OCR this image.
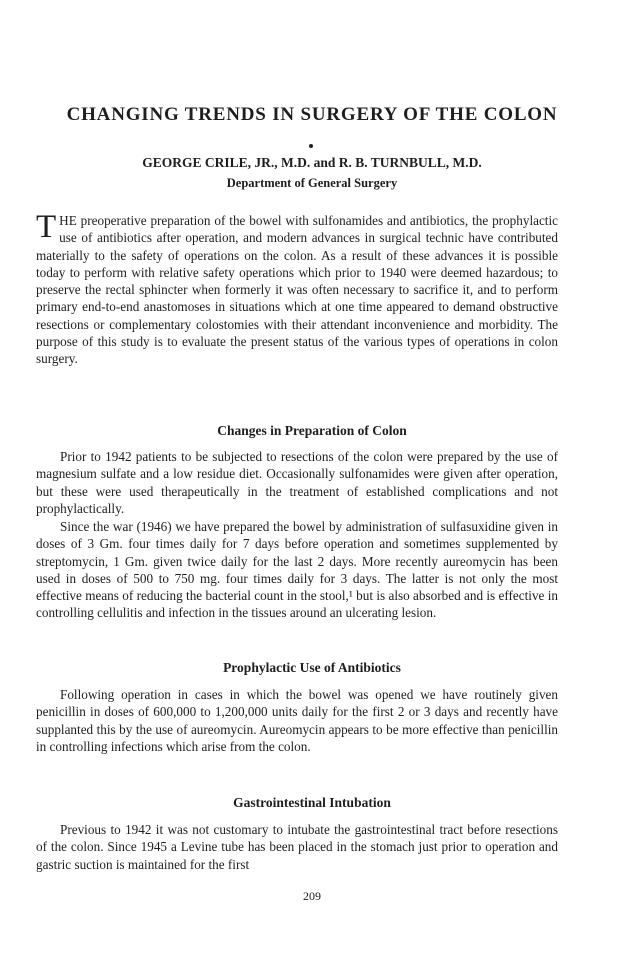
CHANGING TRENDS IN SURGERY OF THE COLON

GEORGE CRILE, JR., M.D. and R. B. TURNBULL, M.D.

Department of General Surgery

THE preoperative preparation of the bowel with sulfonamides and antibiotics, the prophylactic use of antibiotics after operation, and modern advances in surgical technic have contributed materially to the safety of operations on the colon. As a result of these advances it is possible today to perform with relative safety operations which prior to 1940 were deemed hazardous; to preserve the rectal sphincter when formerly it was often necessary to sacrifice it, and to perform primary end-to-end anastomoses in situations which at one time appeared to demand obstructive resections or complementary colostomies with their attendant inconvenience and morbidity. The purpose of this study is to evaluate the present status of the various types of operations in colon surgery.

Changes in Preparation of Colon

Prior to 1942 patients to be subjected to resections of the colon were prepared by the use of magnesium sulfate and a low residue diet. Occasionally sulfonamides were given after operation, but these were used therapeutically in the treatment of established complications and not prophylactically.

Since the war (1946) we have prepared the bowel by administration of sulfasuxidine given in doses of 3 Gm. four times daily for 7 days before operation and sometimes supplemented by streptomycin, 1 Gm. given twice daily for the last 2 days. More recently aureomycin has been used in doses of 500 to 750 mg. four times daily for 3 days. The latter is not only the most effective means of reducing the bacterial count in the stool,¹ but is also absorbed and is effective in controlling cellulitis and infection in the tissues around an ulcerating lesion.

Prophylactic Use of Antibiotics

Following operation in cases in which the bowel was opened we have routinely given penicillin in doses of 600,000 to 1,200,000 units daily for the first 2 or 3 days and recently have supplanted this by the use of aureomycin. Aureomycin appears to be more effective than penicillin in controlling infections which arise from the colon.

Gastrointestinal Intubation

Previous to 1942 it was not customary to intubate the gastrointestinal tract before resections of the colon. Since 1945 a Levine tube has been placed in the stomach just prior to operation and gastric suction is maintained for the first

209
